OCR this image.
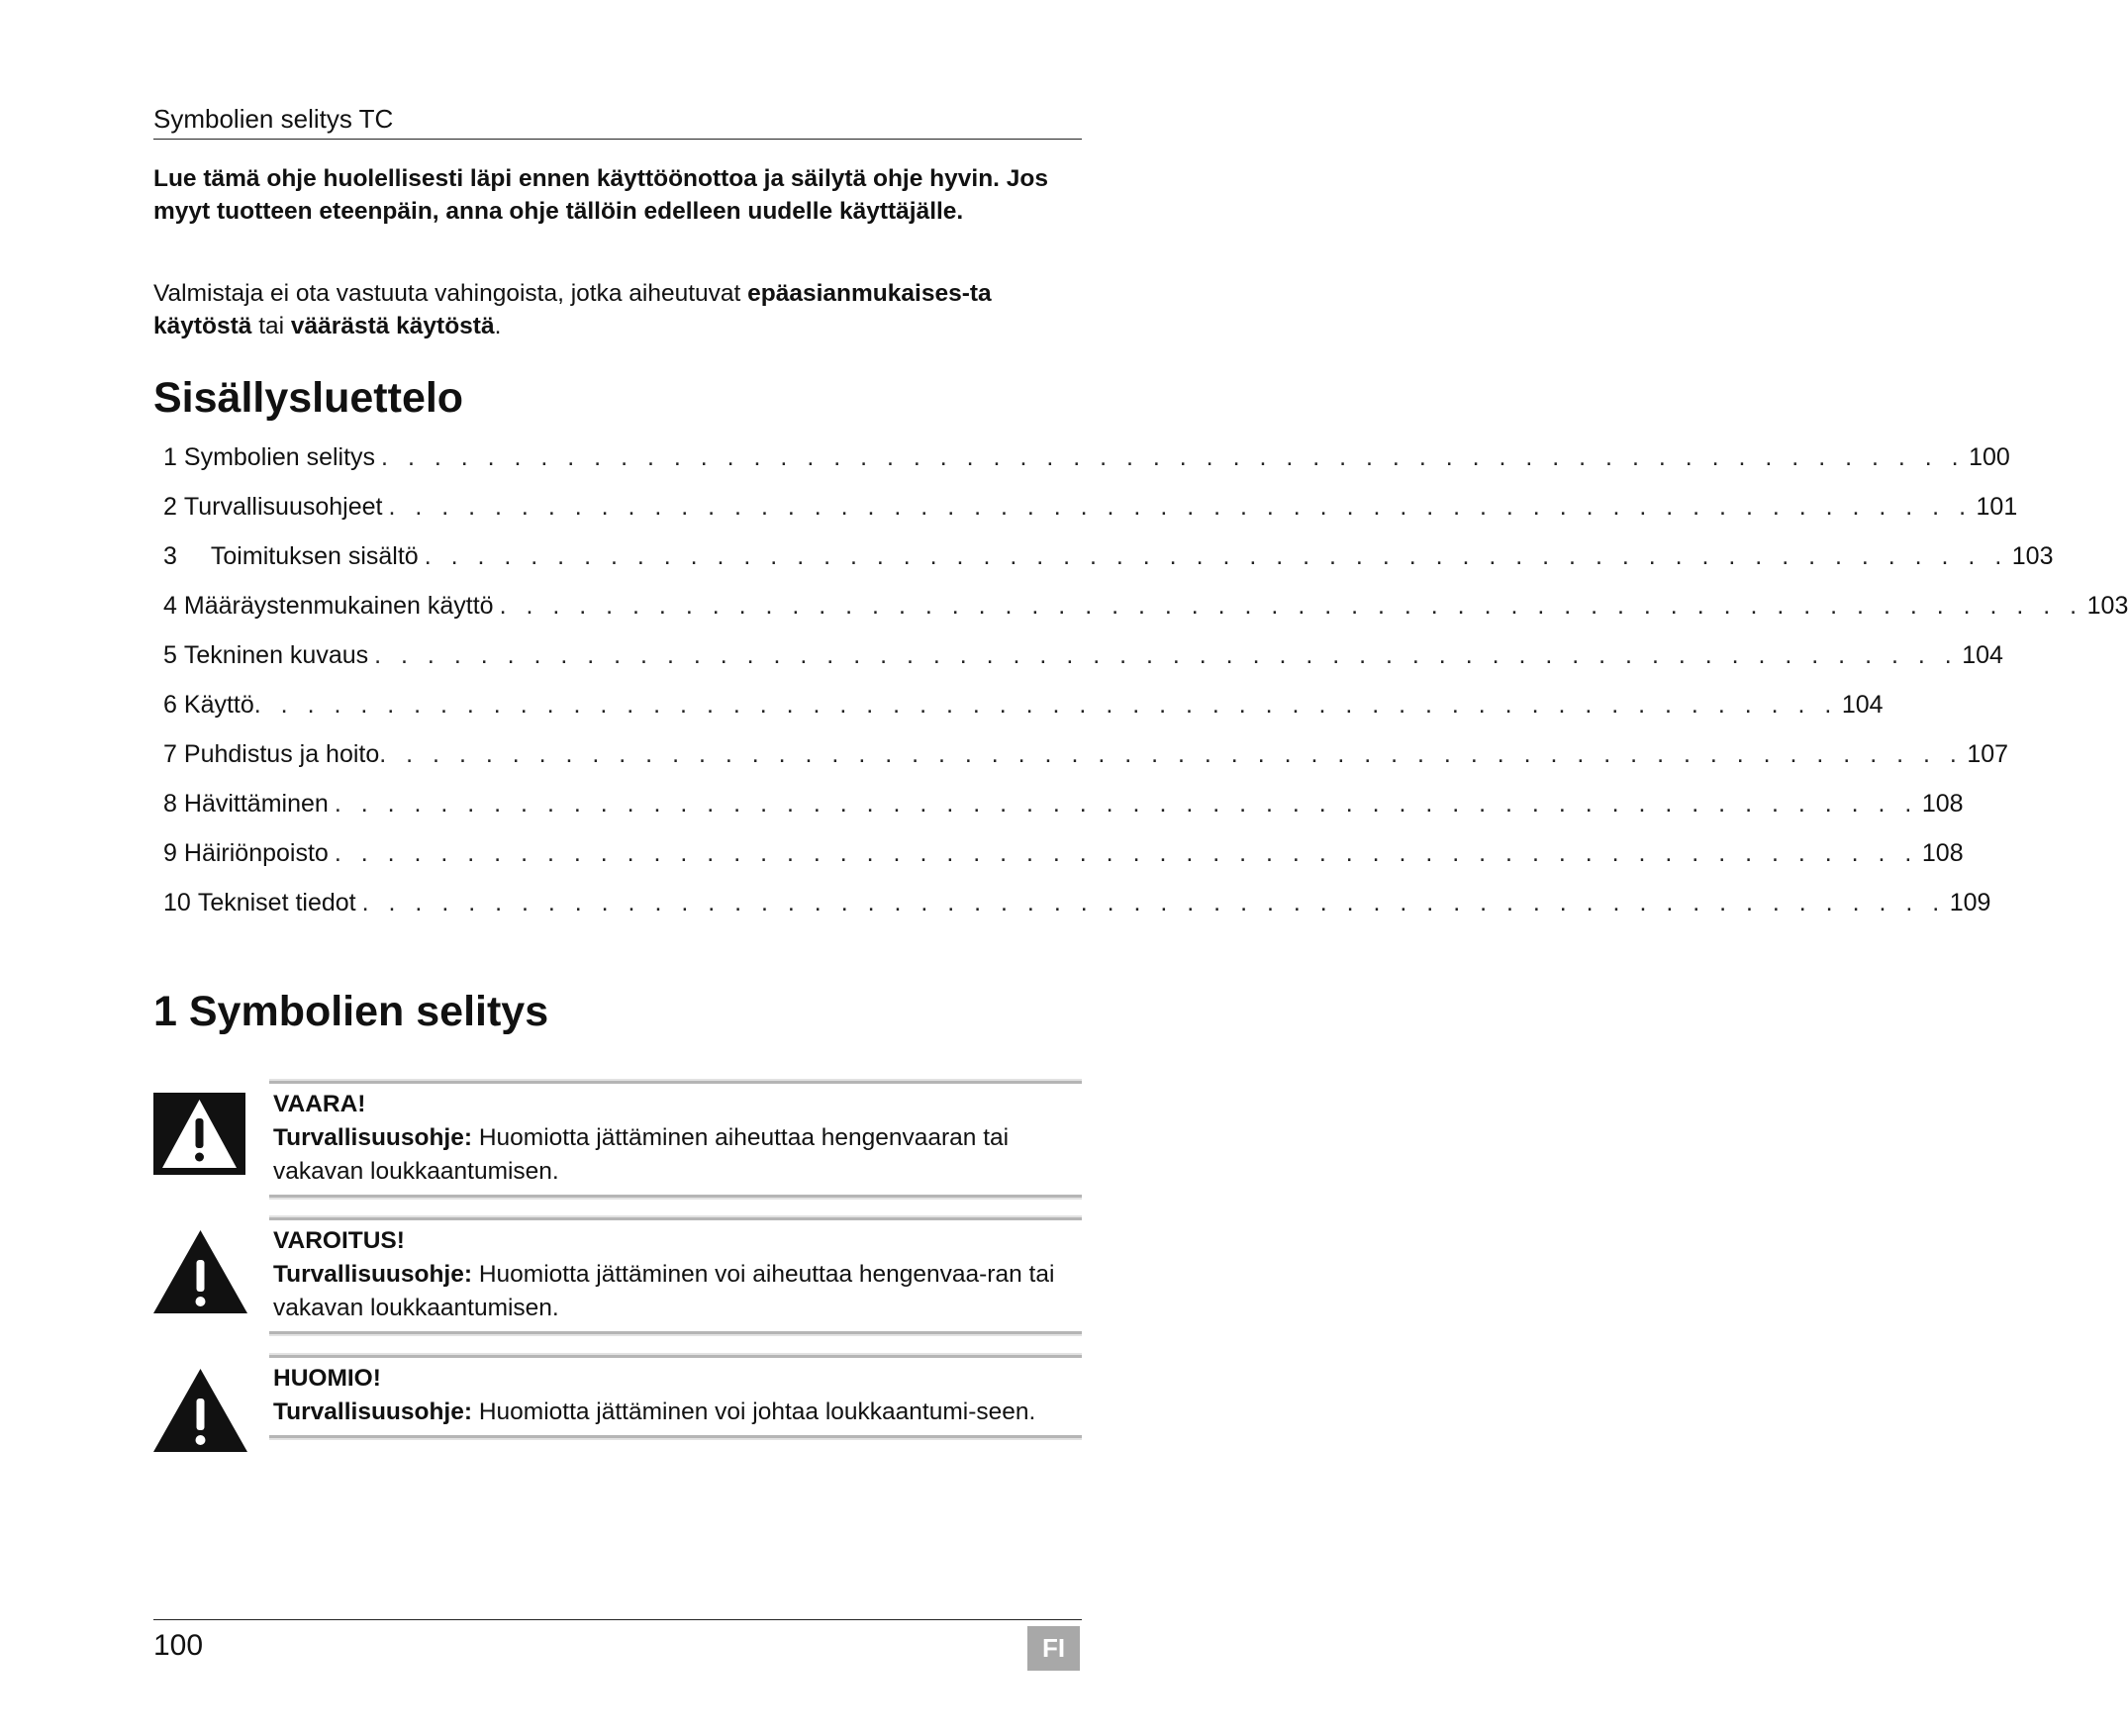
Symbolien selitys TC

Lue tämä ohje huolellisesti läpi ennen käyttöönottoa ja säilytä ohje hyvin. Jos myyt tuotteen eteenpäin, anna ohje tällöin edelleen uudelle käyttäjälle.

Valmistaja ei ota vastuuta vahingoista, jotka aiheutuvat epäasianmukaises-ta käytöstä tai väärästä käytöstä.

Sisällysluettelo
1 Symbolien selitys . . . . . . . . . . . . . . . . . . . . . . . . . . . . . . . . . . . . . . . . . . . . . . . . . . . . . . . . . . . . 100
2 Turvallisuusohjeet . . . . . . . . . . . . . . . . . . . . . . . . . . . . . . . . . . . . . . . . . . . . . . . . . . . . . . . . . . . . 101
3	Toimituksen sisältö . . . . . . . . . . . . . . . . . . . . . . . . . . . . . . . . . . . . . . . . . . . . . . . . . . . . . . . . . . . . 103
4 Määräystenmukainen käyttö . . . . . . . . . . . . . . . . . . . . . . . . . . . . . . . . . . . . . . . . . . . . . . . . . . . . . . . . . . . . 103
5 Tekninen kuvaus . . . . . . . . . . . . . . . . . . . . . . . . . . . . . . . . . . . . . . . . . . . . . . . . . . . . . . . . . . . . 104
6 Käyttö . . . . . . . . . . . . . . . . . . . . . . . . . . . . . . . . . . . . . . . . . . . . . . . . . . . . . . . . . . . . 104
7 Puhdistus ja hoito . . . . . . . . . . . . . . . . . . . . . . . . . . . . . . . . . . . . . . . . . . . . . . . . . . . . . . . . . . . . 107
8 Hävittäminen . . . . . . . . . . . . . . . . . . . . . . . . . . . . . . . . . . . . . . . . . . . . . . . . . . . . . . . . . . . . 108
9 Häiriönpoisto . . . . . . . . . . . . . . . . . . . . . . . . . . . . . . . . . . . . . . . . . . . . . . . . . . . . . . . . . . . . 108
10 Tekniset tiedot . . . . . . . . . . . . . . . . . . . . . . . . . . . . . . . . . . . . . . . . . . . . . . . . . . . . . . . . . . . . 109
1 Symbolien selitys
VAARA!
Turvallisuusohje: Huomiotta jättäminen aiheuttaa hengenvaaran tai vakavan loukkaantumisen.
VAROITUS!
Turvallisuusohje: Huomiotta jättäminen voi aiheuttaa hengenvaa-ran tai vakavan loukkaantumisen.
HUOMIO!
Turvallisuusohje: Huomiotta jättäminen voi johtaa loukkaantumi-seen.
100	FI
